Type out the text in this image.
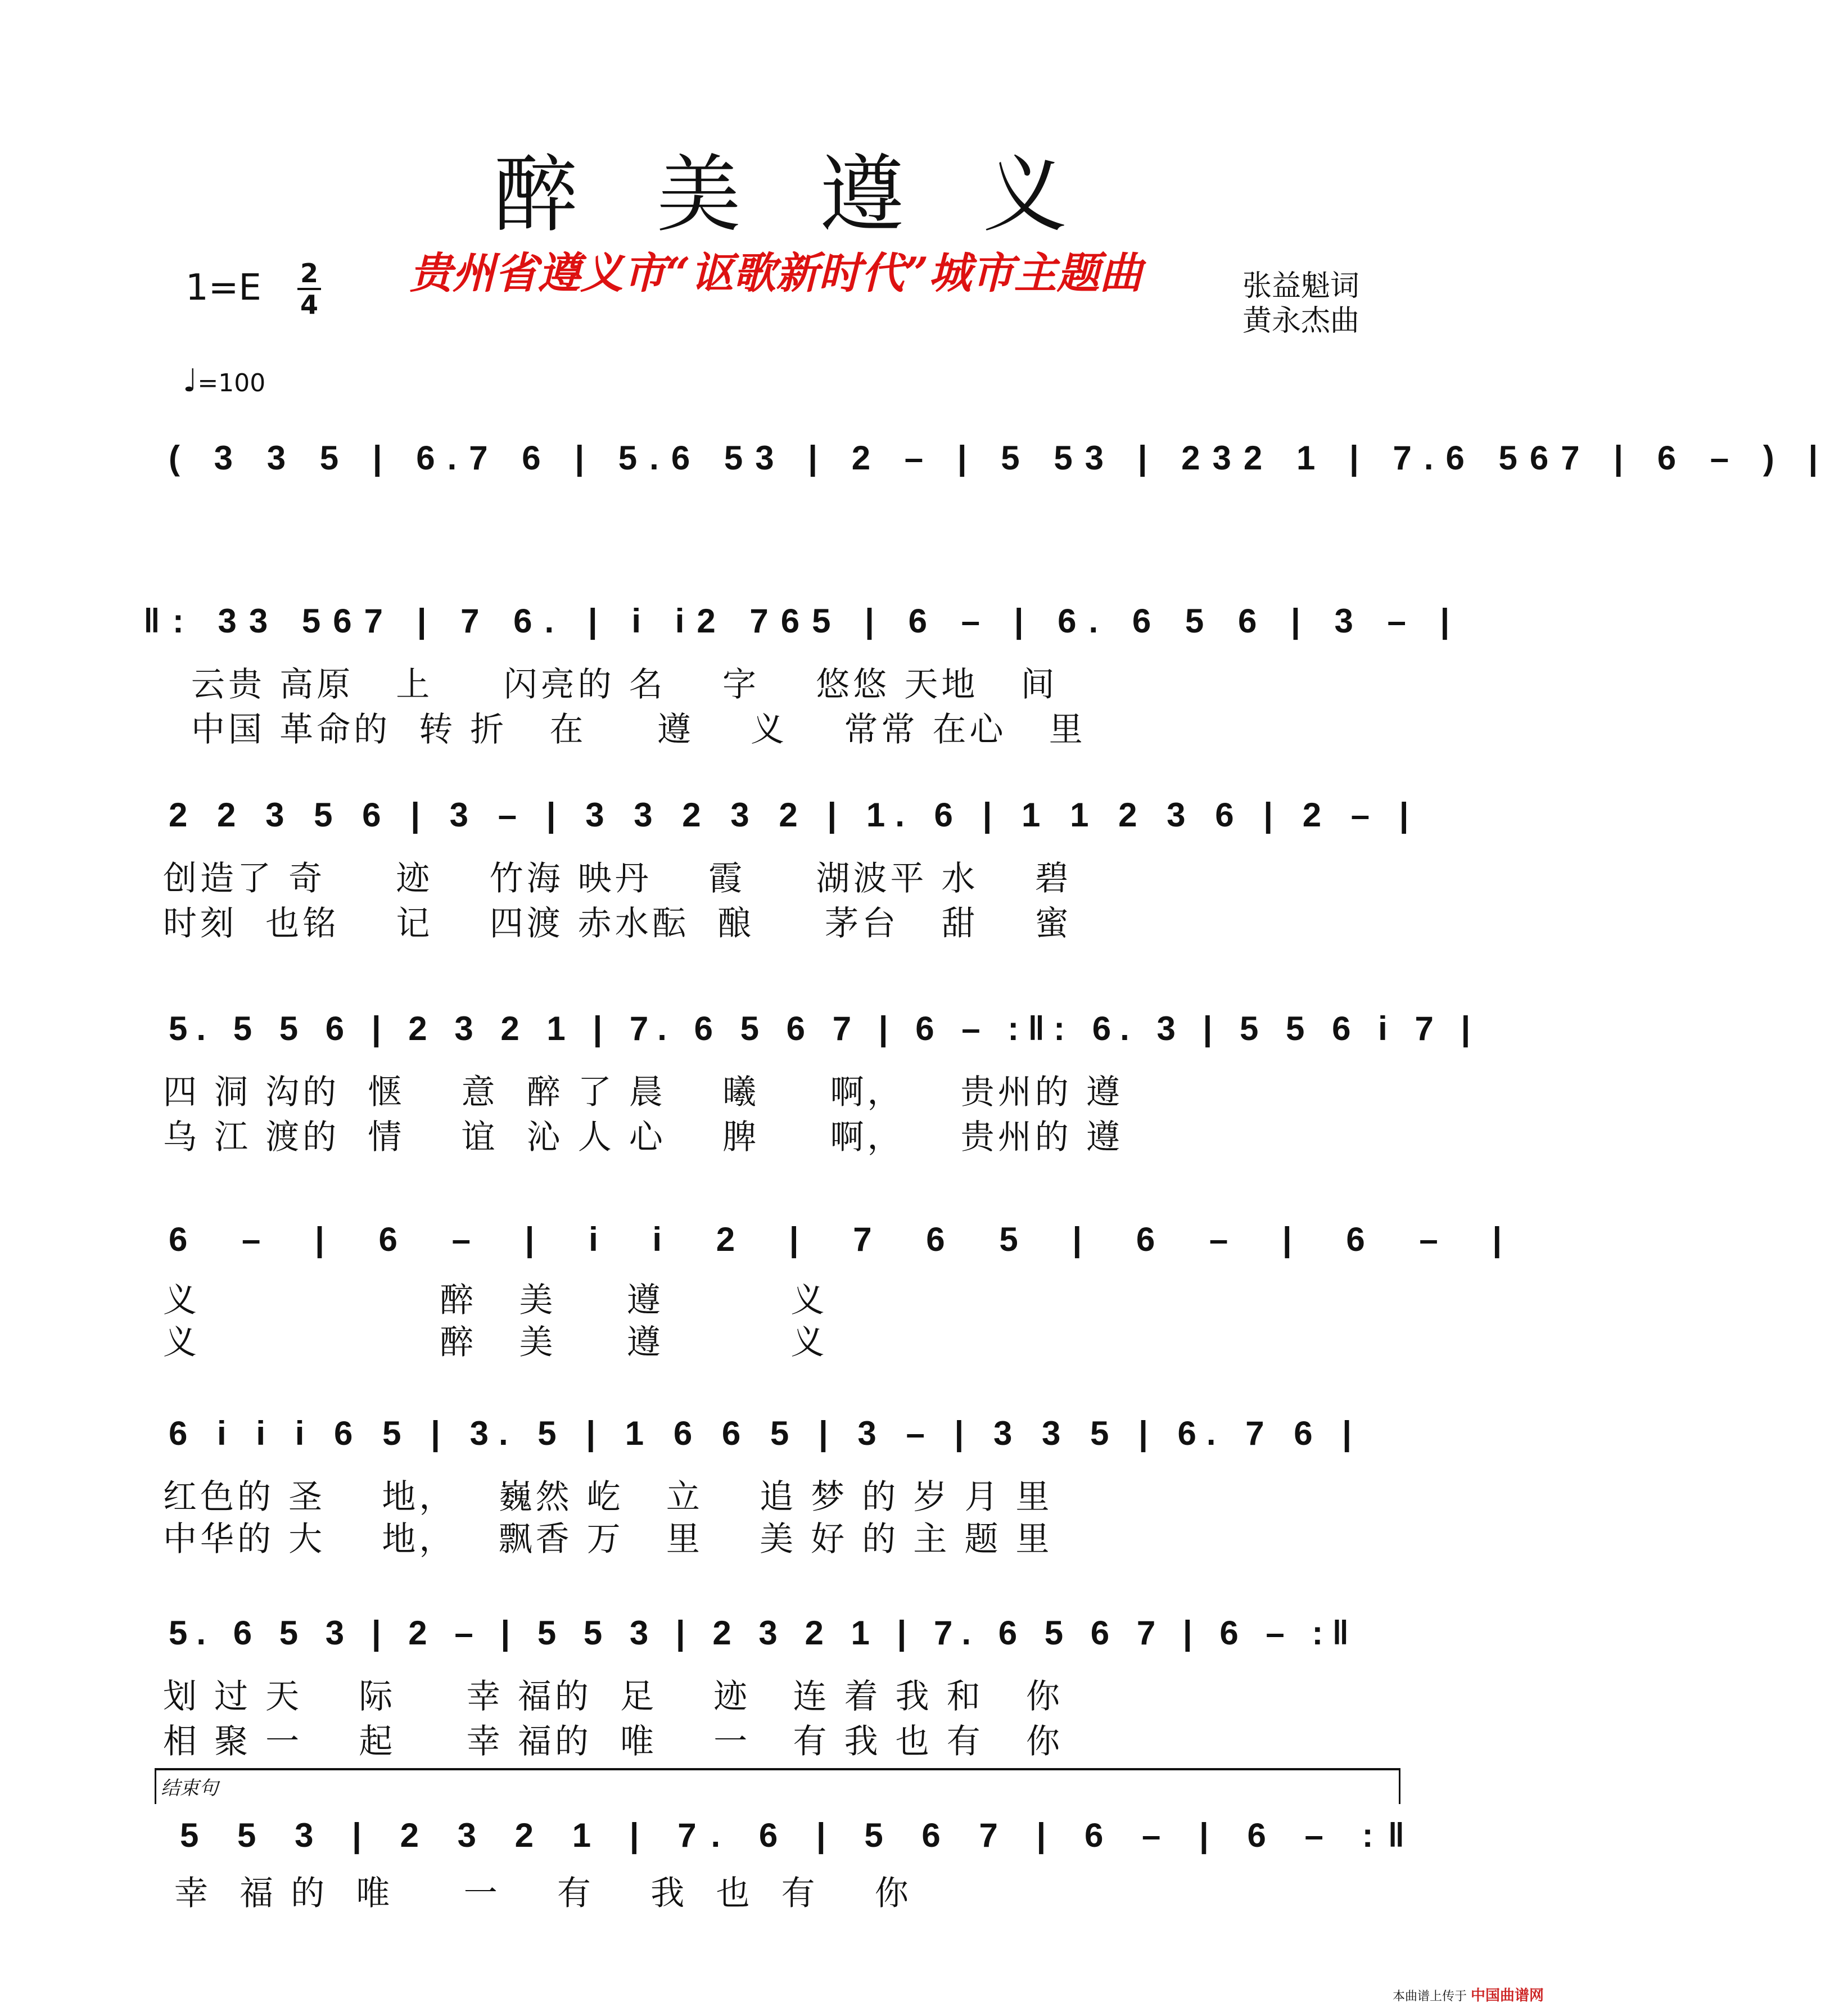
醉美遵义
贵州省遵义市“讴歌新时代”城市主题曲
1=E 2
4
张益魁词
黄永杰曲
♩=100
( 3 3 5 | 6.7 6 | 5.6 53 | 2 – | 5 53 | 232 1 | 7.6 567 | 6 – ) |
‖: 33 567 | 7 6. | i i2 765 | 6 – | 6. 6 5 6 | 3 – |
云贵 高原   上     闪亮的 名    字    悠悠 天地   间
中国 革命的  转 折   在     遵    义    常常 在心   里
2 2 3 5 6 | 3 – | 3 3 2 3 2 | 1. 6 | 1 1 2 3 6 | 2 – |
创造了 奇     迹    竹海 映丹    霞     湖波平 水    碧
时刻  也铭    记    四渡 赤水酝  酿     茅台   甜    蜜
5. 5 5 6 | 2 3 2 1 | 7. 6 5 6 7 | 6 – :‖: 6. 3 | 5 5 6 i 7 |
四 洞 沟的  惬    意  醉 了 晨    曦     啊，    贵州的 遵
乌 江 渡的  情    谊  沁 人 心    脾     啊，    贵州的 遵
6 – | 6 – | i i 2 | 7 6 5 | 6 – | 6 – |
义                 醉   美     遵         义
义                 醉   美     遵         义
6 i i i 6 5 | 3. 5 | 1 6 6 5 | 3 – | 3 3 5 | 6. 7 6 |
红色的 圣    地，   巍然 屹   立    追 梦 的 岁 月 里
中华的 大    地，   飘香 万   里    美 好 的 主 题 里
5. 6 5 3 | 2 – | 5 5 3 | 2 3 2 1 | 7. 6 5 6 7 | 6 – :‖
划 过 天    际     幸 福的  足    迹   连 着 我 和   你
相 聚 一    起     幸 福的  唯    一   有 我 也 有   你
结束句
5 5 3 | 2 3 2 1 | 7. 6 | 5 6 7 | 6 – | 6 – :‖
幸  福 的  唯     一    有    我  也  有    你
本曲谱上传于 中国曲谱网
